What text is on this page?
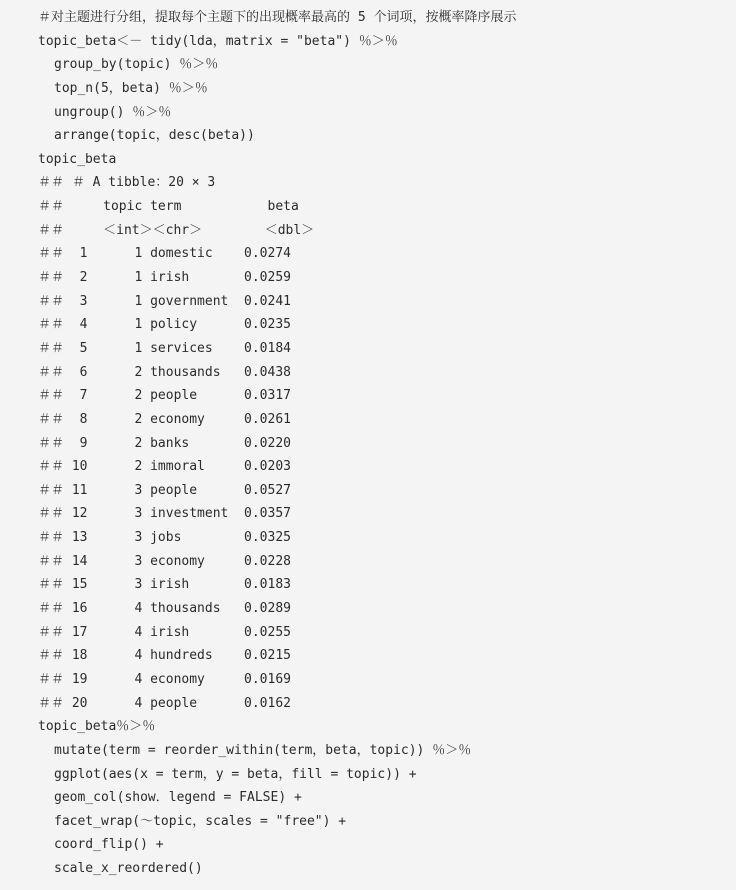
＃对主题进行分组，提取每个主题下的出现概率最高的 5 个词项，按概率降序展示
topic_beta＜－ tidy(lda，matrix = "beta") ％＞％
group_by(topic) ％＞％
top_n(5，beta) ％＞％
ungroup() ％＞％
arrange(topic，desc(beta))
topic_beta
＃＃ ＃ A tibble：20 × 3
＃＃     topic term           beta
＃＃     ＜int＞＜chr＞        ＜dbl＞
＃＃  1      1 domestic    0.0274
＃＃  2      1 irish       0.0259
＃＃  3      1 government  0.0241
＃＃  4      1 policy      0.0235
＃＃  5      1 services    0.0184
＃＃  6      2 thousands   0.0438
＃＃  7      2 people      0.0317
＃＃  8      2 economy     0.0261
＃＃  9      2 banks       0.0220
＃＃ 10      2 immoral     0.0203
＃＃ 11      3 people      0.0527
＃＃ 12      3 investment  0.0357
＃＃ 13      3 jobs        0.0325
＃＃ 14      3 economy     0.0228
＃＃ 15      3 irish       0.0183
＃＃ 16      4 thousands   0.0289
＃＃ 17      4 irish       0.0255
＃＃ 18      4 hundreds    0.0215
＃＃ 19      4 economy     0.0169
＃＃ 20      4 people      0.0162
topic_beta％＞％
mutate(term = reorder_within(term，beta，topic)) ％＞％
ggplot(aes(x = term，y = beta，fill = topic)) +
geom_col(show．legend = FALSE) +
facet_wrap(～topic，scales = "free") +
coord_flip() +
scale_x_reordered()
